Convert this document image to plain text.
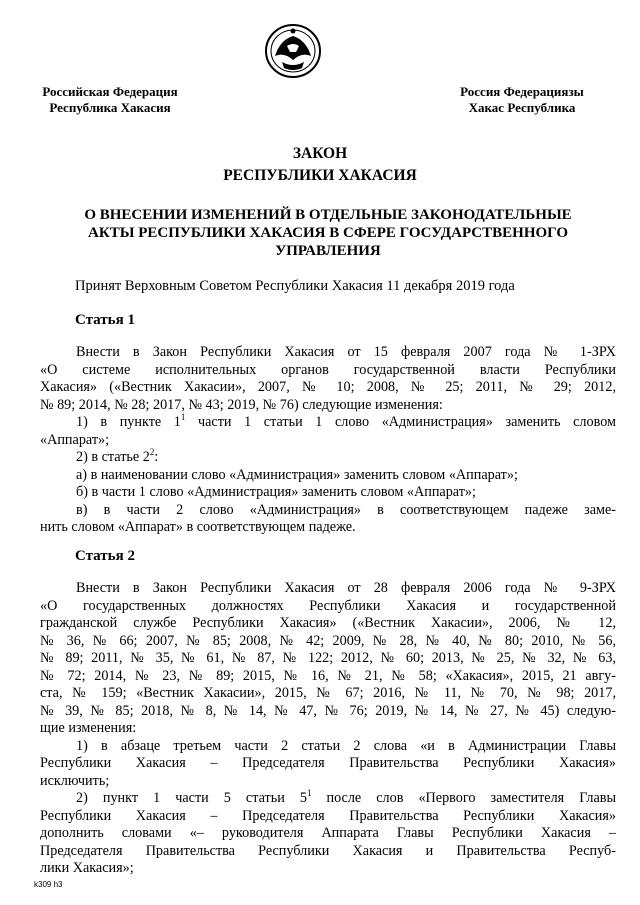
Российская Федерация
Республика Хакасия
Россия Федерациязы
Хакас Республика
ЗАКОН
РЕСПУБЛИКИ ХАКАСИЯ
О ВНЕСЕНИИ ИЗМЕНЕНИЙ В ОТДЕЛЬНЫЕ ЗАКОНОДАТЕЛЬНЫЕ
АКТЫ РЕСПУБЛИКИ ХАКАСИЯ В СФЕРЕ ГОСУДАРСТВЕННОГО
УПРАВЛЕНИЯ
Принят Верховным Советом Республики Хакасия 11 декабря 2019 года
Статья 1
Внести в Закон Республики Хакасия от 15 февраля 2007 года № 1-ЗРХ
«О системе исполнительных органов государственной власти Республики
Хакасия» («Вестник Хакасии», 2007, № 10; 2008, № 25; 2011, № 29; 2012,
№ 89; 2014, № 28; 2017, № 43; 2019, № 76) следующие изменения:
1) в пункте $1^1$ части 1 статьи 1 слово «Администрация» заменить словом
«Аппарат»;
2) в статье $2^2$:
а) в наименовании слово «Администрация» заменить словом «Аппарат»;
б) в части 1 слово «Администрация» заменить словом «Аппарат»;
в) в части 2 слово «Администрация» в соответствующем падеже заме-
нить словом «Аппарат» в соответствующем падеже.
Статья 2
Внести в Закон Республики Хакасия от 28 февраля 2006 года № 9-ЗРХ
«О государственных должностях Республики Хакасия и государственной
гражданской службе Республики Хакасия» («Вестник Хакасии», 2006, № 12,
№ 36, № 66; 2007, № 85; 2008, № 42; 2009, № 28, № 40, № 80; 2010, № 56,
№ 89; 2011, № 35, № 61, № 87, № 122; 2012, № 60; 2013, № 25, № 32, № 63,
№ 72; 2014, № 23, № 89; 2015, № 16, № 21, № 58; «Хакасия», 2015, 21 авгу-
ста, № 159; «Вестник Хакасии», 2015, № 67; 2016, № 11, № 70, № 98; 2017,
№ 39, № 85; 2018, № 8, № 14, № 47, № 76; 2019, № 14, № 27, № 45) следую-
щие изменения:
1) в абзаце третьем части 2 статьи 2 слова «и в Администрации Главы
Республики Хакасия – Председателя Правительства Республики Хакасия»
исключить;
2) пункт 1 части 5 статьи $5^1$ после слов «Первого заместителя Главы
Республики Хакасия – Председателя Правительства Республики Хакасия»
дополнить словами «– руководителя Аппарата Главы Республики Хакасия –
Председателя Правительства Республики Хакасия и Правительства Респуб-
лики Хакасия»;
k309 h3
